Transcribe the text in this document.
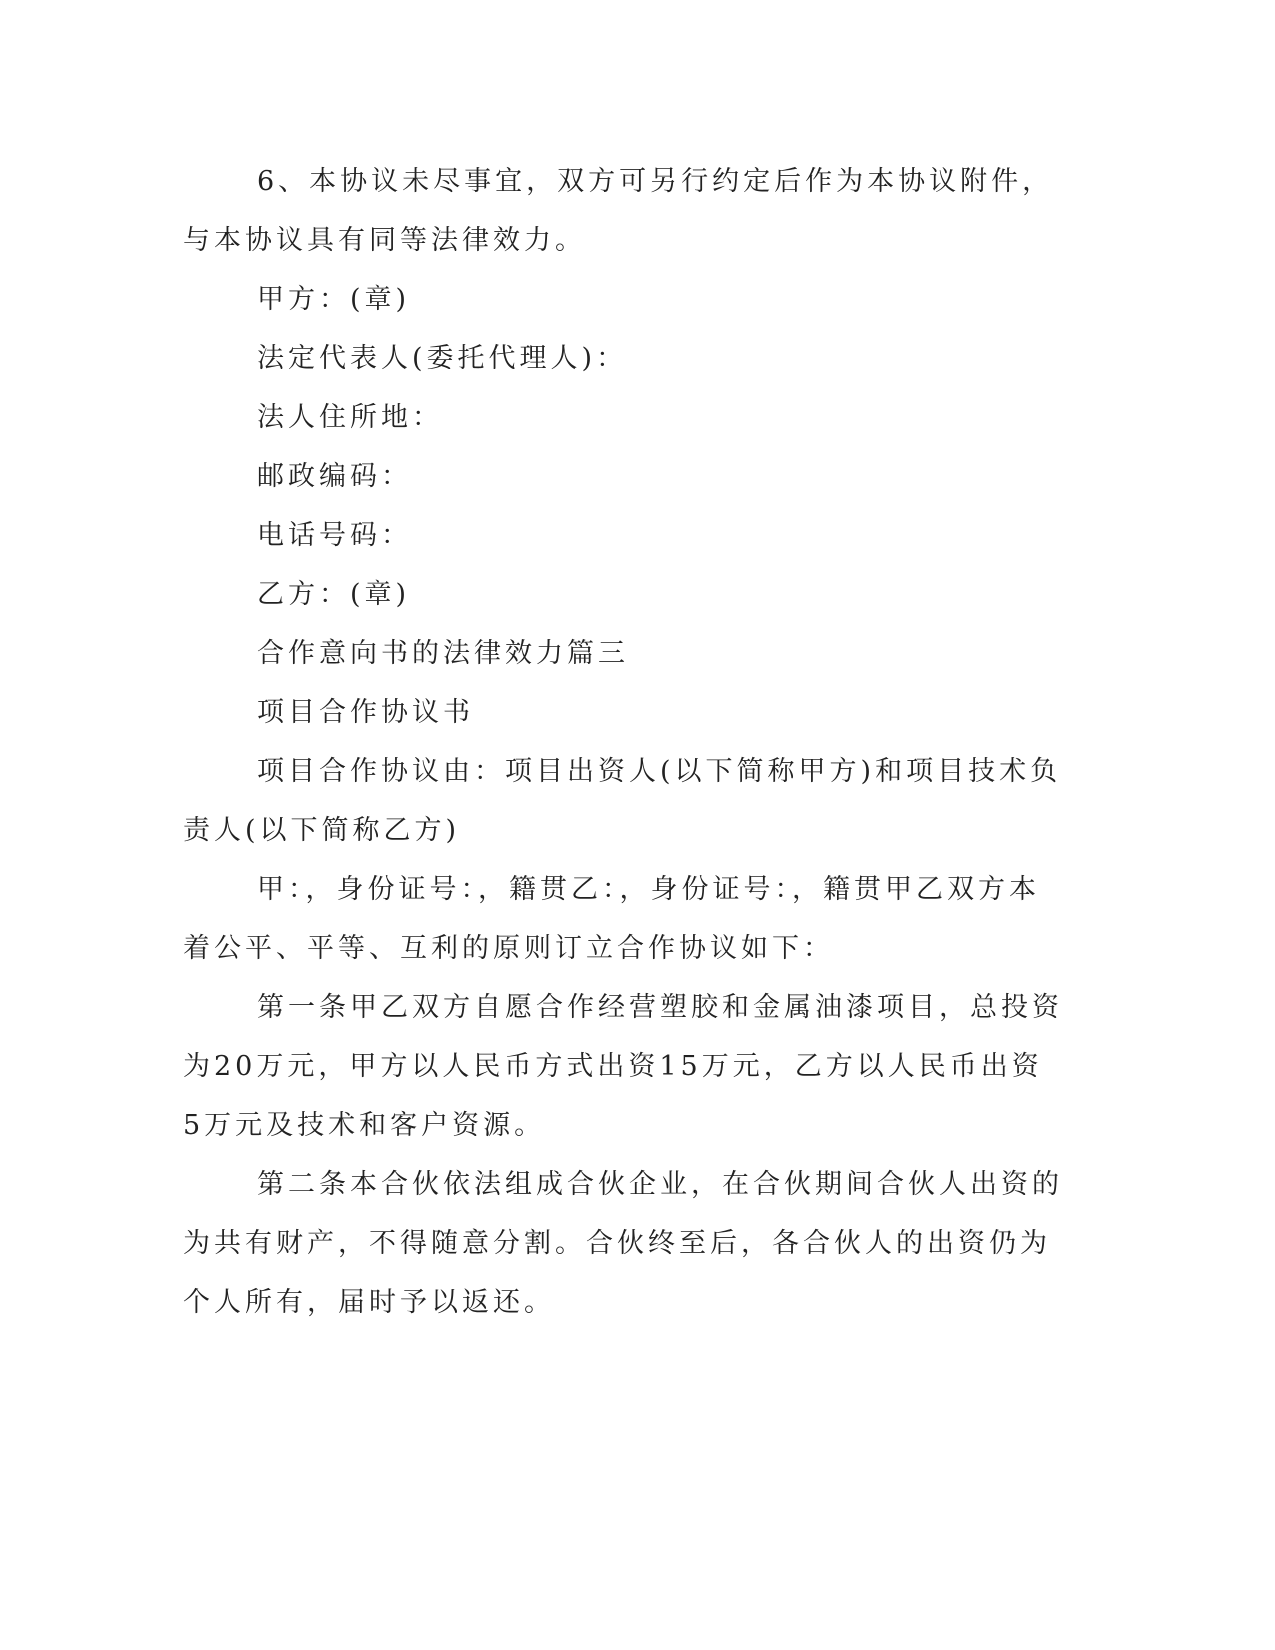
6、本协议未尽事宜，双方可另行约定后作为本协议附件，与本协议具有同等法律效力。

甲方：(章)

法定代表人(委托代理人)：

法人住所地：

邮政编码：

电话号码：

乙方：(章)

合作意向书的法律效力篇三

项目合作协议书

项目合作协议由：项目出资人(以下简称甲方)和项目技术负责人(以下简称乙方)

甲：，身份证号：，籍贯乙：，身份证号：，籍贯甲乙双方本着公平、平等、互利的原则订立合作协议如下：

第一条甲乙双方自愿合作经营塑胶和金属油漆项目，总投资为20万元，甲方以人民币方式出资15万元，乙方以人民币出资5万元及技术和客户资源。

第二条本合伙依法组成合伙企业，在合伙期间合伙人出资的为共有财产，不得随意分割。合伙终至后，各合伙人的出资仍为个人所有，届时予以返还。
